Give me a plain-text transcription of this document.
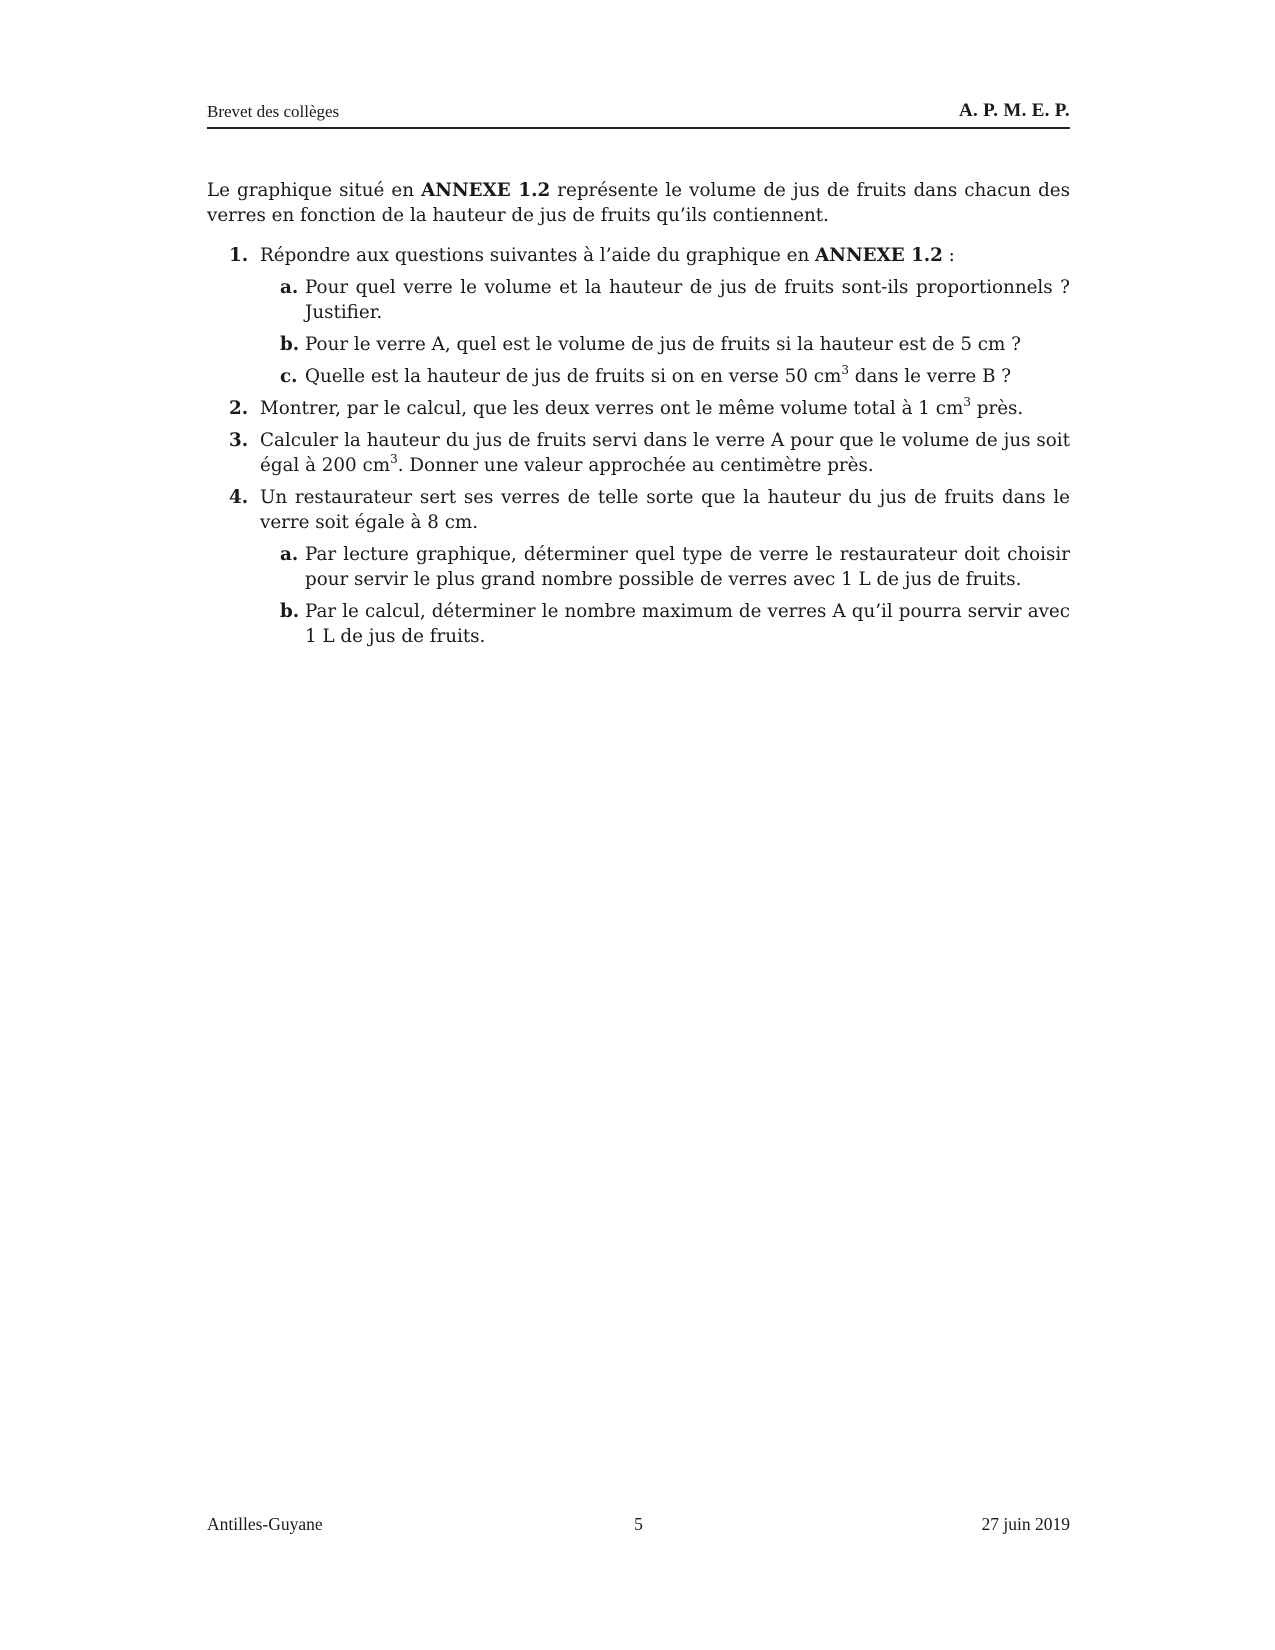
Brevet des collèges	A. P. M. E. P.

Le graphique situé en ANNEXE 1.2 représente le volume de jus de fruits dans chacun des verres en fonction de la hauteur de jus de fruits qu’ils contiennent.

1. Répondre aux questions suivantes à l’aide du graphique en ANNEXE 1.2 :
a. Pour quel verre le volume et la hauteur de jus de fruits sont-ils proportionnels ? Justifier.
b. Pour le verre A, quel est le volume de jus de fruits si la hauteur est de 5 cm ?
c. Quelle est la hauteur de jus de fruits si on en verse 50 $cm^3$ dans le verre B ?
2. Montrer, par le calcul, que les deux verres ont le même volume total à 1 $cm^3$ près.
3. Calculer la hauteur du jus de fruits servi dans le verre A pour que le volume de jus soit égal à 200 $cm^3$. Donner une valeur approchée au centimètre près.
4. Un restaurateur sert ses verres de telle sorte que la hauteur du jus de fruits dans le verre soit égale à 8 cm.
a. Par lecture graphique, déterminer quel type de verre le restaurateur doit choisir pour servir le plus grand nombre possible de verres avec 1 L de jus de fruits.
b. Par le calcul, déterminer le nombre maximum de verres A qu’il pourra servir avec 1 L de jus de fruits.
Antilles-Guyane	5	27 juin 2019
